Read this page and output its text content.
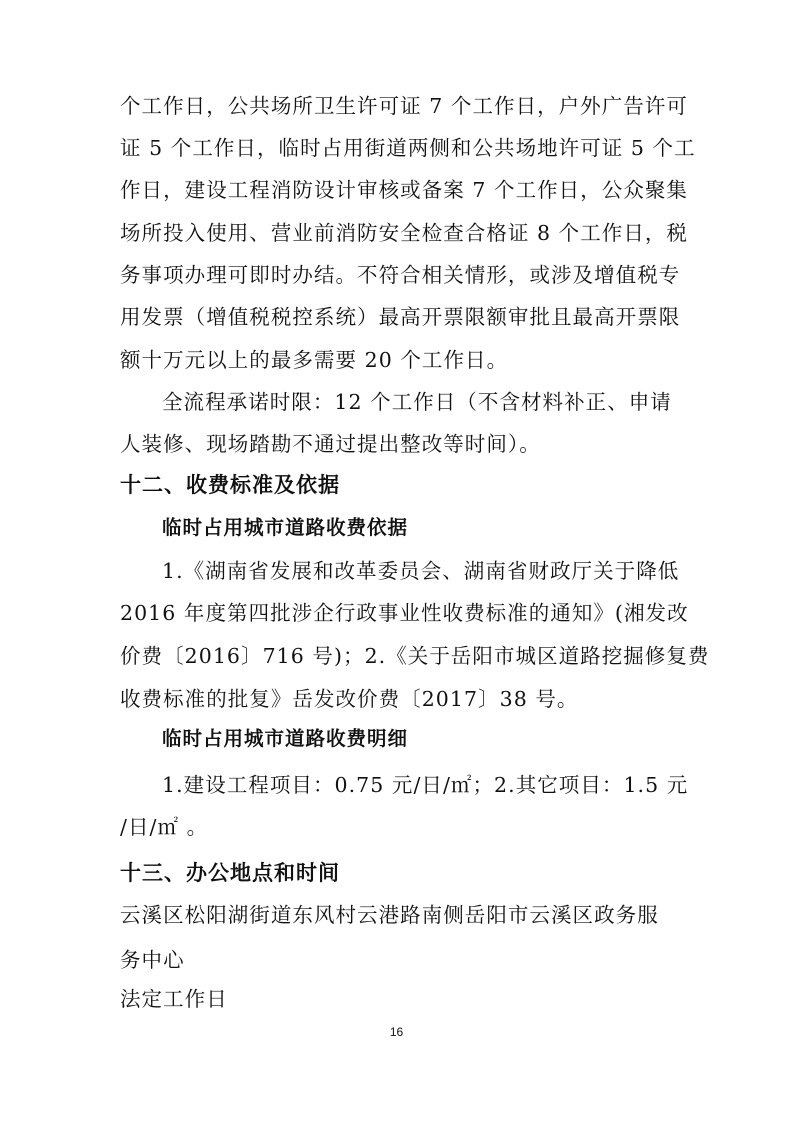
个工作日，公共场所卫生许可证 7 个工作日，户外广告许可
证 5 个工作日，临时占用街道两侧和公共场地许可证 5 个工
作日，建设工程消防设计审核或备案 7 个工作日，公众聚集
场所投入使用、营业前消防安全检查合格证 8 个工作日，税
务事项办理可即时办结。不符合相关情形，或涉及增值税专
用发票（增值税税控系统）最高开票限额审批且最高开票限
额十万元以上的最多需要 20 个工作日。
全流程承诺时限：12 个工作日（不含材料补正、申请
人装修、现场踏勘不通过提出整改等时间）。
十二、收费标准及依据
临时占用城市道路收费依据
1.《湖南省发展和改革委员会、湖南省财政厅关于降低
2016 年度第四批涉企行政事业性收费标准的通知》(湘发改
价费〔2016〕716 号)；2.《关于岳阳市城区道路挖掘修复费
收费标准的批复》岳发改价费〔2017〕38 号。
临时占用城市道路收费明细
1.建设工程项目：0.75 元/日/㎡；2.其它项目：1.5 元
/日/㎡ 。
十三、办公地点和时间
云溪区松阳湖街道东风村云港路南侧岳阳市云溪区政务服
务中心
16
法定工作日
